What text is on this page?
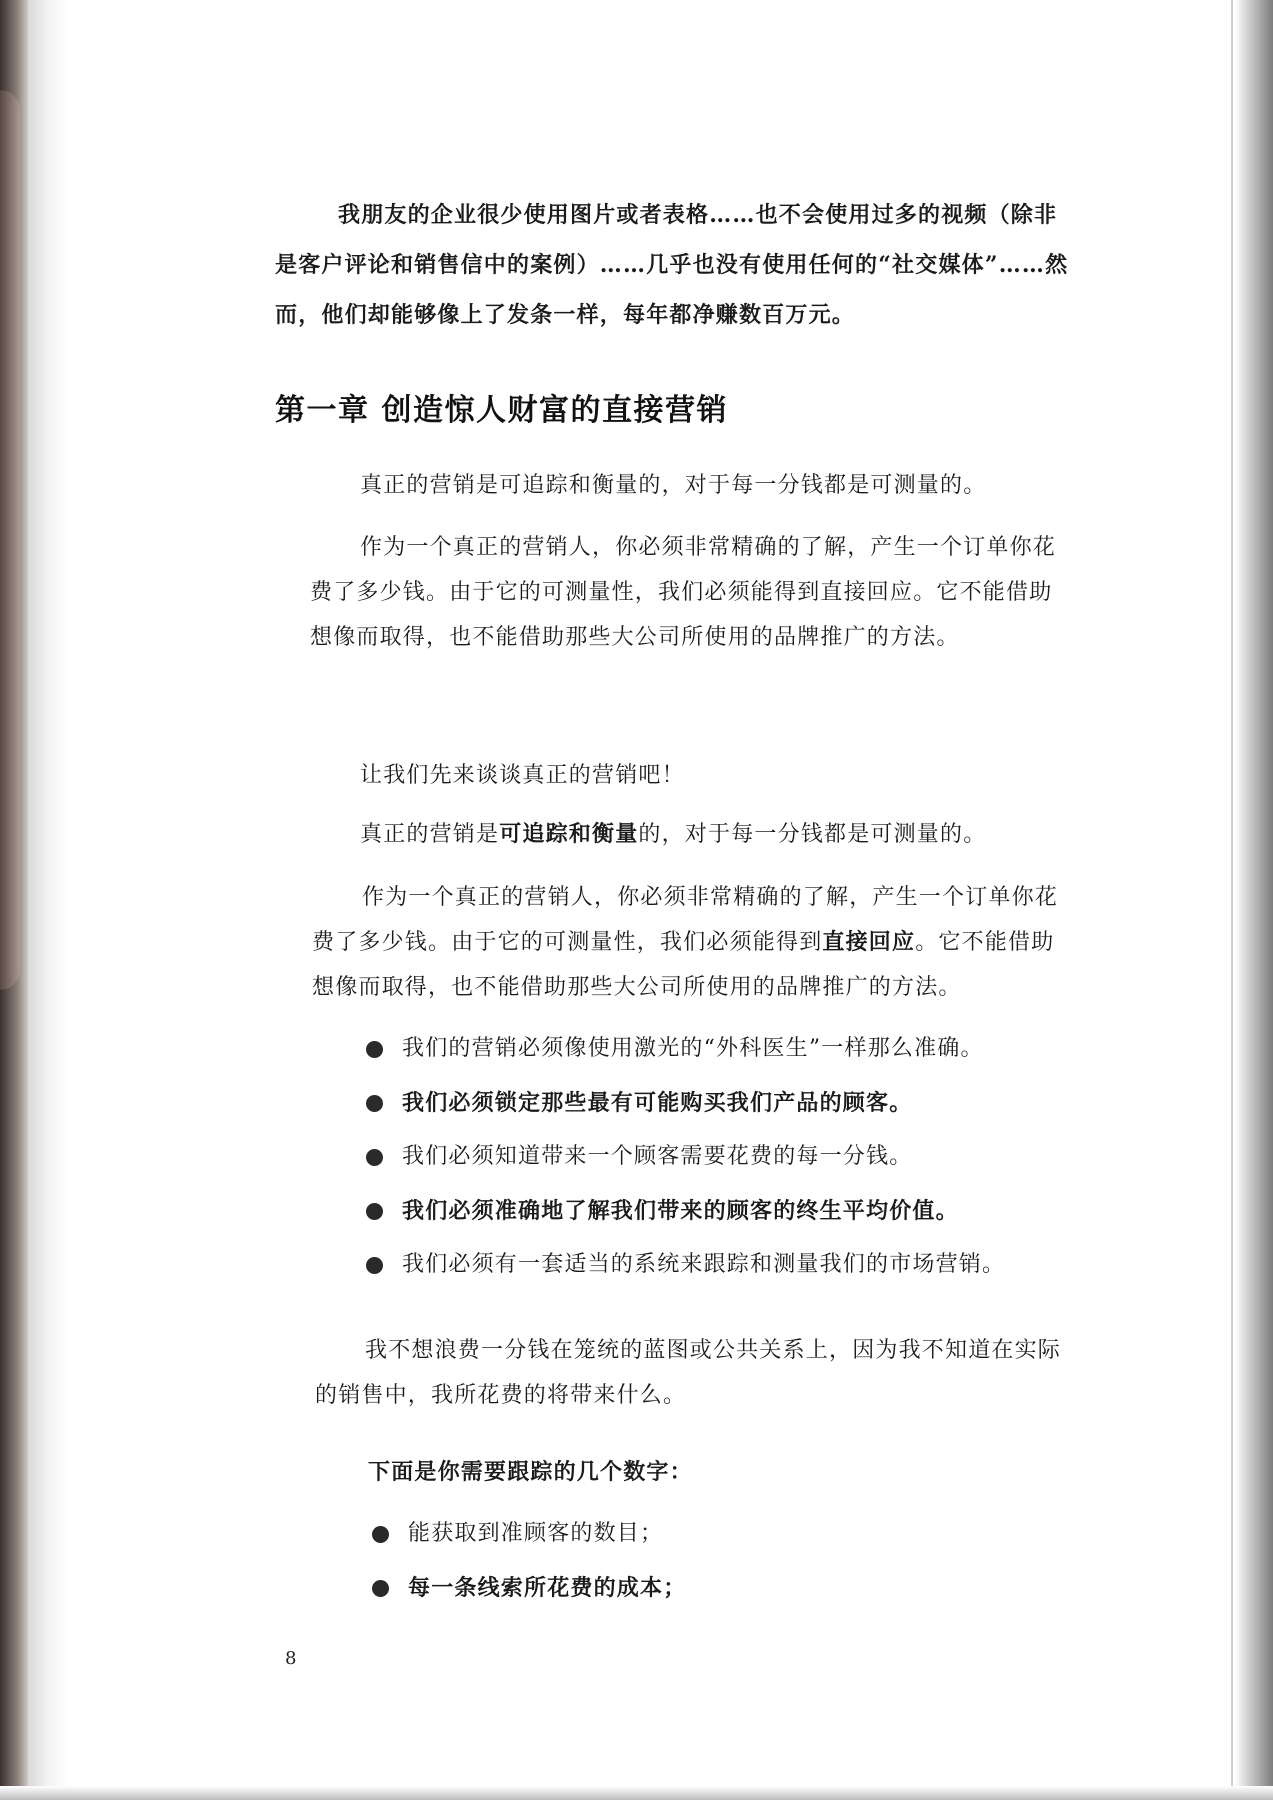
我朋友的企业很少使用图片或者表格……也不会使用过多的视频（除非

是客户评论和销售信中的案例）……几乎也没有使用任何的“社交媒体”……然

而，他们却能够像上了发条一样，每年都净赚数百万元。

第一章 创造惊人财富的直接营销

真正的营销是可追踪和衡量的，对于每一分钱都是可测量的。

作为一个真正的营销人，你必须非常精确的了解，产生一个订单你花

费了多少钱。由于它的可测量性，我们必须能得到直接回应。它不能借助

想像而取得，也不能借助那些大公司所使用的品牌推广的方法。

让我们先来谈谈真正的营销吧！

真正的营销是可追踪和衡量的，对于每一分钱都是可测量的。

作为一个真正的营销人，你必须非常精确的了解，产生一个订单你花

费了多少钱。由于它的可测量性，我们必须能得到直接回应。它不能借助

想像而取得，也不能借助那些大公司所使用的品牌推广的方法。

我们的营销必须像使用激光的“外科医生”一样那么准确。
我们必须锁定那些最有可能购买我们产品的顾客。
我们必须知道带来一个顾客需要花费的每一分钱。
我们必须准确地了解我们带来的顾客的终生平均价值。
我们必须有一套适当的系统来跟踪和测量我们的市场营销。

我不想浪费一分钱在笼统的蓝图或公共关系上，因为我不知道在实际

的销售中，我所花费的将带来什么。

下面是你需要跟踪的几个数字：

能获取到准顾客的数目；
每一条线索所花费的成本；
8
